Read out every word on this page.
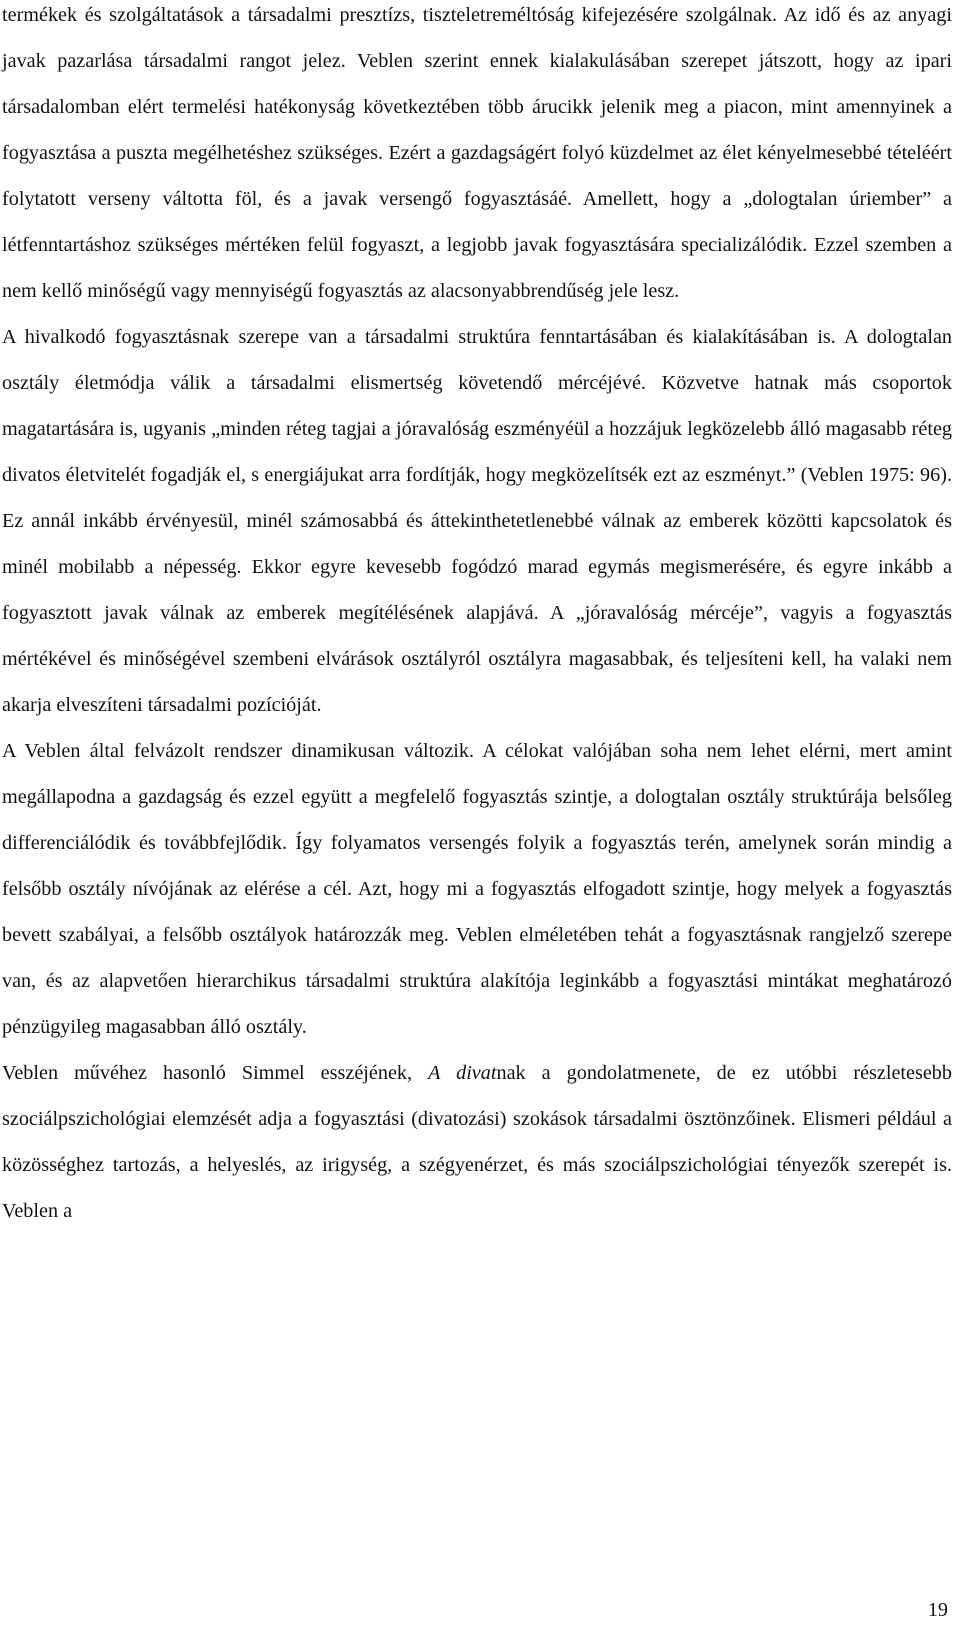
termékek és szolgáltatások a társadalmi presztízs, tiszteletreméltóság kifejezésére szolgálnak. Az idő és az anyagi javak pazarlása társadalmi rangot jelez. Veblen szerint ennek kialakulásában szerepet játszott, hogy az ipari társadalomban elért termelési hatékonyság következtében több árucikk jelenik meg a piacon, mint amennyinek a fogyasztása a puszta megélhetéshez szükséges. Ezért a gazdagságért folyó küzdelmet az élet kényelmesebbé tételéért folytatott verseny váltotta föl, és a javak versengő fogyasztásáé. Amellett, hogy a „dologtalan úriember” a létfenntartáshoz szükséges mértéken felül fogyaszt, a legjobb javak fogyasztására specializálódik. Ezzel szemben a nem kellő minőségű vagy mennyiségű fogyasztás az alacsonyabbrendűség jele lesz.

A hivalkodó fogyasztásnak szerepe van a társadalmi struktúra fenntartásában és kialakításában is. A dologtalan osztály életmódja válik a társadalmi elismertség követendő mércéjévé. Közvetve hatnak más csoportok magatartására is, ugyanis „minden réteg tagjai a jóravalóság eszményéül a hozzájuk legközelebb álló magasabb réteg divatos életvitelét fogadják el, s energiájukat arra fordítják, hogy megközelítsék ezt az eszményt.” (Veblen 1975: 96). Ez annál inkább érvényesül, minél számosabbá és áttekinthetetlenebbé válnak az emberek közötti kapcsolatok és minél mobilabb a népesség. Ekkor egyre kevesebb fogódzó marad egymás megismerésére, és egyre inkább a fogyasztott javak válnak az emberek megítélésének alapjává. A „jóravalóság mércéje”, vagyis a fogyasztás mértékével és minőségével szembeni elvárások osztályról osztályra magasabbak, és teljesíteni kell, ha valaki nem akarja elveszíteni társadalmi pozícióját.

A Veblen által felvázolt rendszer dinamikusan változik. A célokat valójában soha nem lehet elérni, mert amint megállapodna a gazdagság és ezzel együtt a megfelelő fogyasztás szintje, a dologtalan osztály struktúrája belsőleg differenciálódik és továbbfejlődik. Így folyamatos versengés folyik a fogyasztás terén, amelynek során mindig a felsőbb osztály nívójának az elérése a cél. Azt, hogy mi a fogyasztás elfogadott szintje, hogy melyek a fogyasztás bevett szabályai, a felsőbb osztályok határozzák meg. Veblen elméletében tehát a fogyasztásnak rangjelző szerepe van, és az alapvetően hierarchikus társadalmi struktúra alakítója leginkább a fogyasztási mintákat meghatározó pénzügyileg magasabban álló osztály.

Veblen művéhez hasonló Simmel esszéjének, A divatnak a gondolatmenete, de ez utóbbi részletesebb szociálpszichológiai elemzését adja a fogyasztási (divatozási) szokások társadalmi ösztönzőinek. Elismeri például a közösséghez tartozás, a helyeslés, az irigység, a szégyenérzet, és más szociálpszichológiai tényezők szerepét is. Veblen a

19
